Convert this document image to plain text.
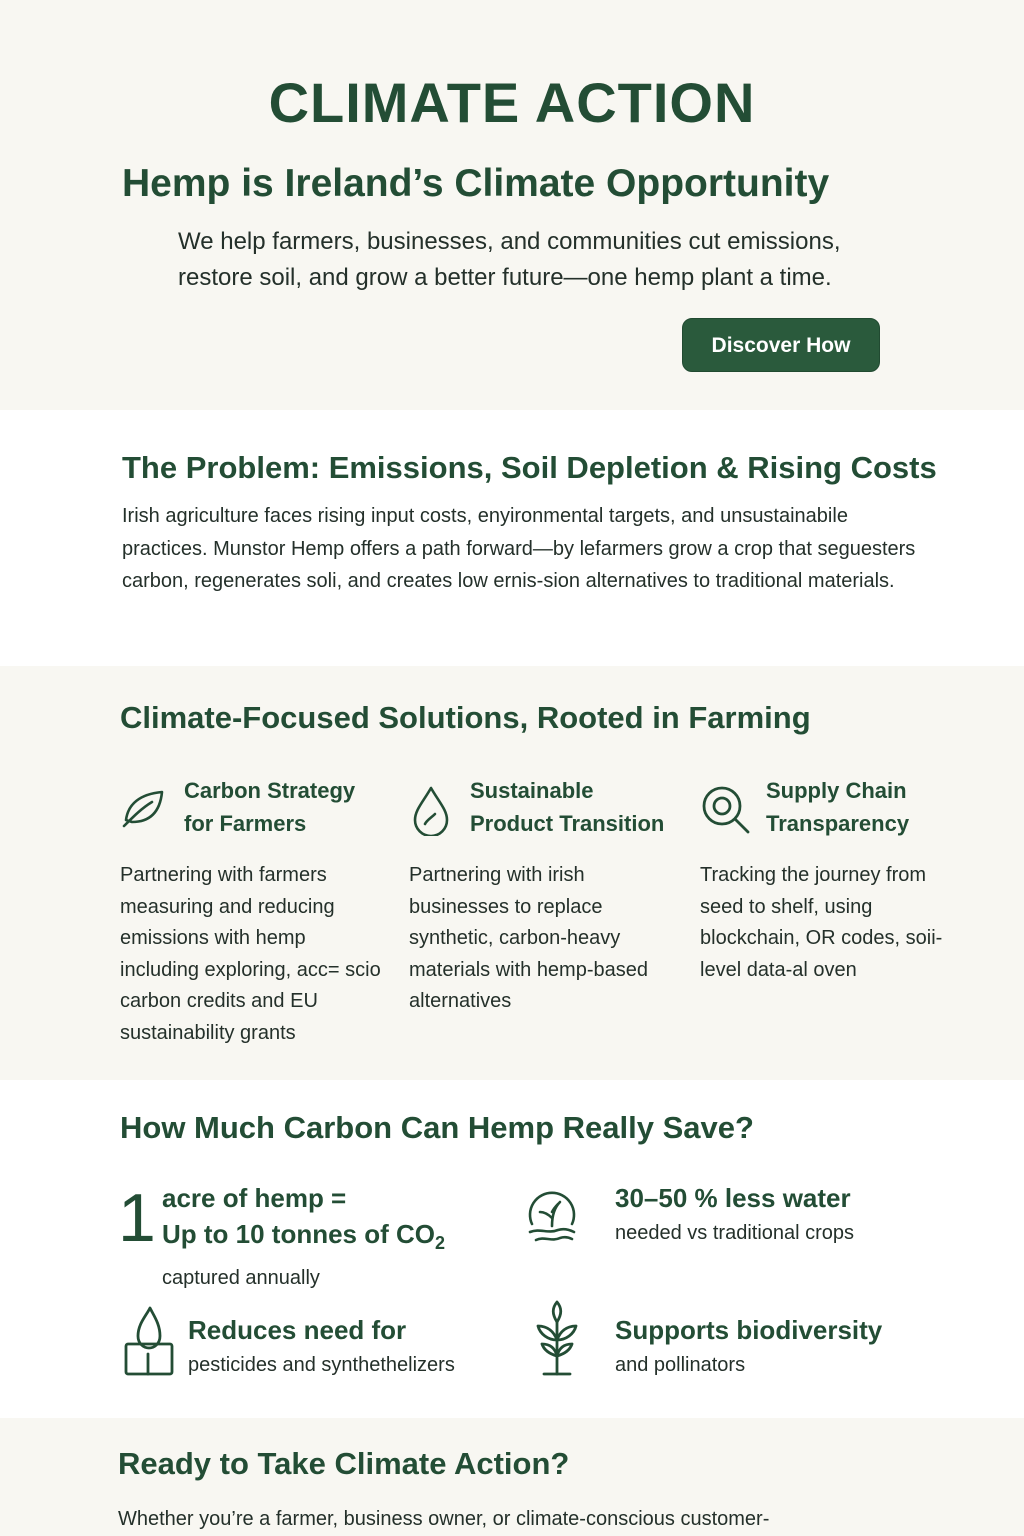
CLIMATE ACTION
Hemp is Ireland’s Climate Opportunity

We help farmers, businesses, and communities cut emissions, restore soil, and grow a better future—one hemp plant a time.

Discover How
The Problem: Emissions, Soil Depletion & Rising Costs

Irish agriculture faces rising input costs, enyironmental targets, and unsustainabile practices. Munstor Hemp offers a path forward—by lefarmers grow a crop that seguesters carbon, regenerates soli, and creates low ernis-sion alternatives to traditional materials.

Climate-Focused Solutions, Rooted in Farming
Carbon Strategy
for Farmers

Partnering with farmers measuring and reducing emissions with hemp including exploring, acc= scio carbon credits and EU sustainability grants

Sustainable
Product Transition

Partnering with irish businesses to replace synthetic, carbon-heavy materials with hemp-based alternatives

Supply Chain
Transparency

Tracking the journey from seed to shelf, using blockchain, OR codes, soii-level data-al oven

How Much Carbon Can Hemp Really Save?
1 acre of hemp =
Up to 10 tonnes of $CO_2$
captured annually
30–50 % less water
needed vs traditional crops
Reduces need for
pesticides and synthethelizers
Supports biodiversity
and pollinators
Ready to Take Climate Action?

Whether you’re a farmer, business owner, or climate-conscious customer-
